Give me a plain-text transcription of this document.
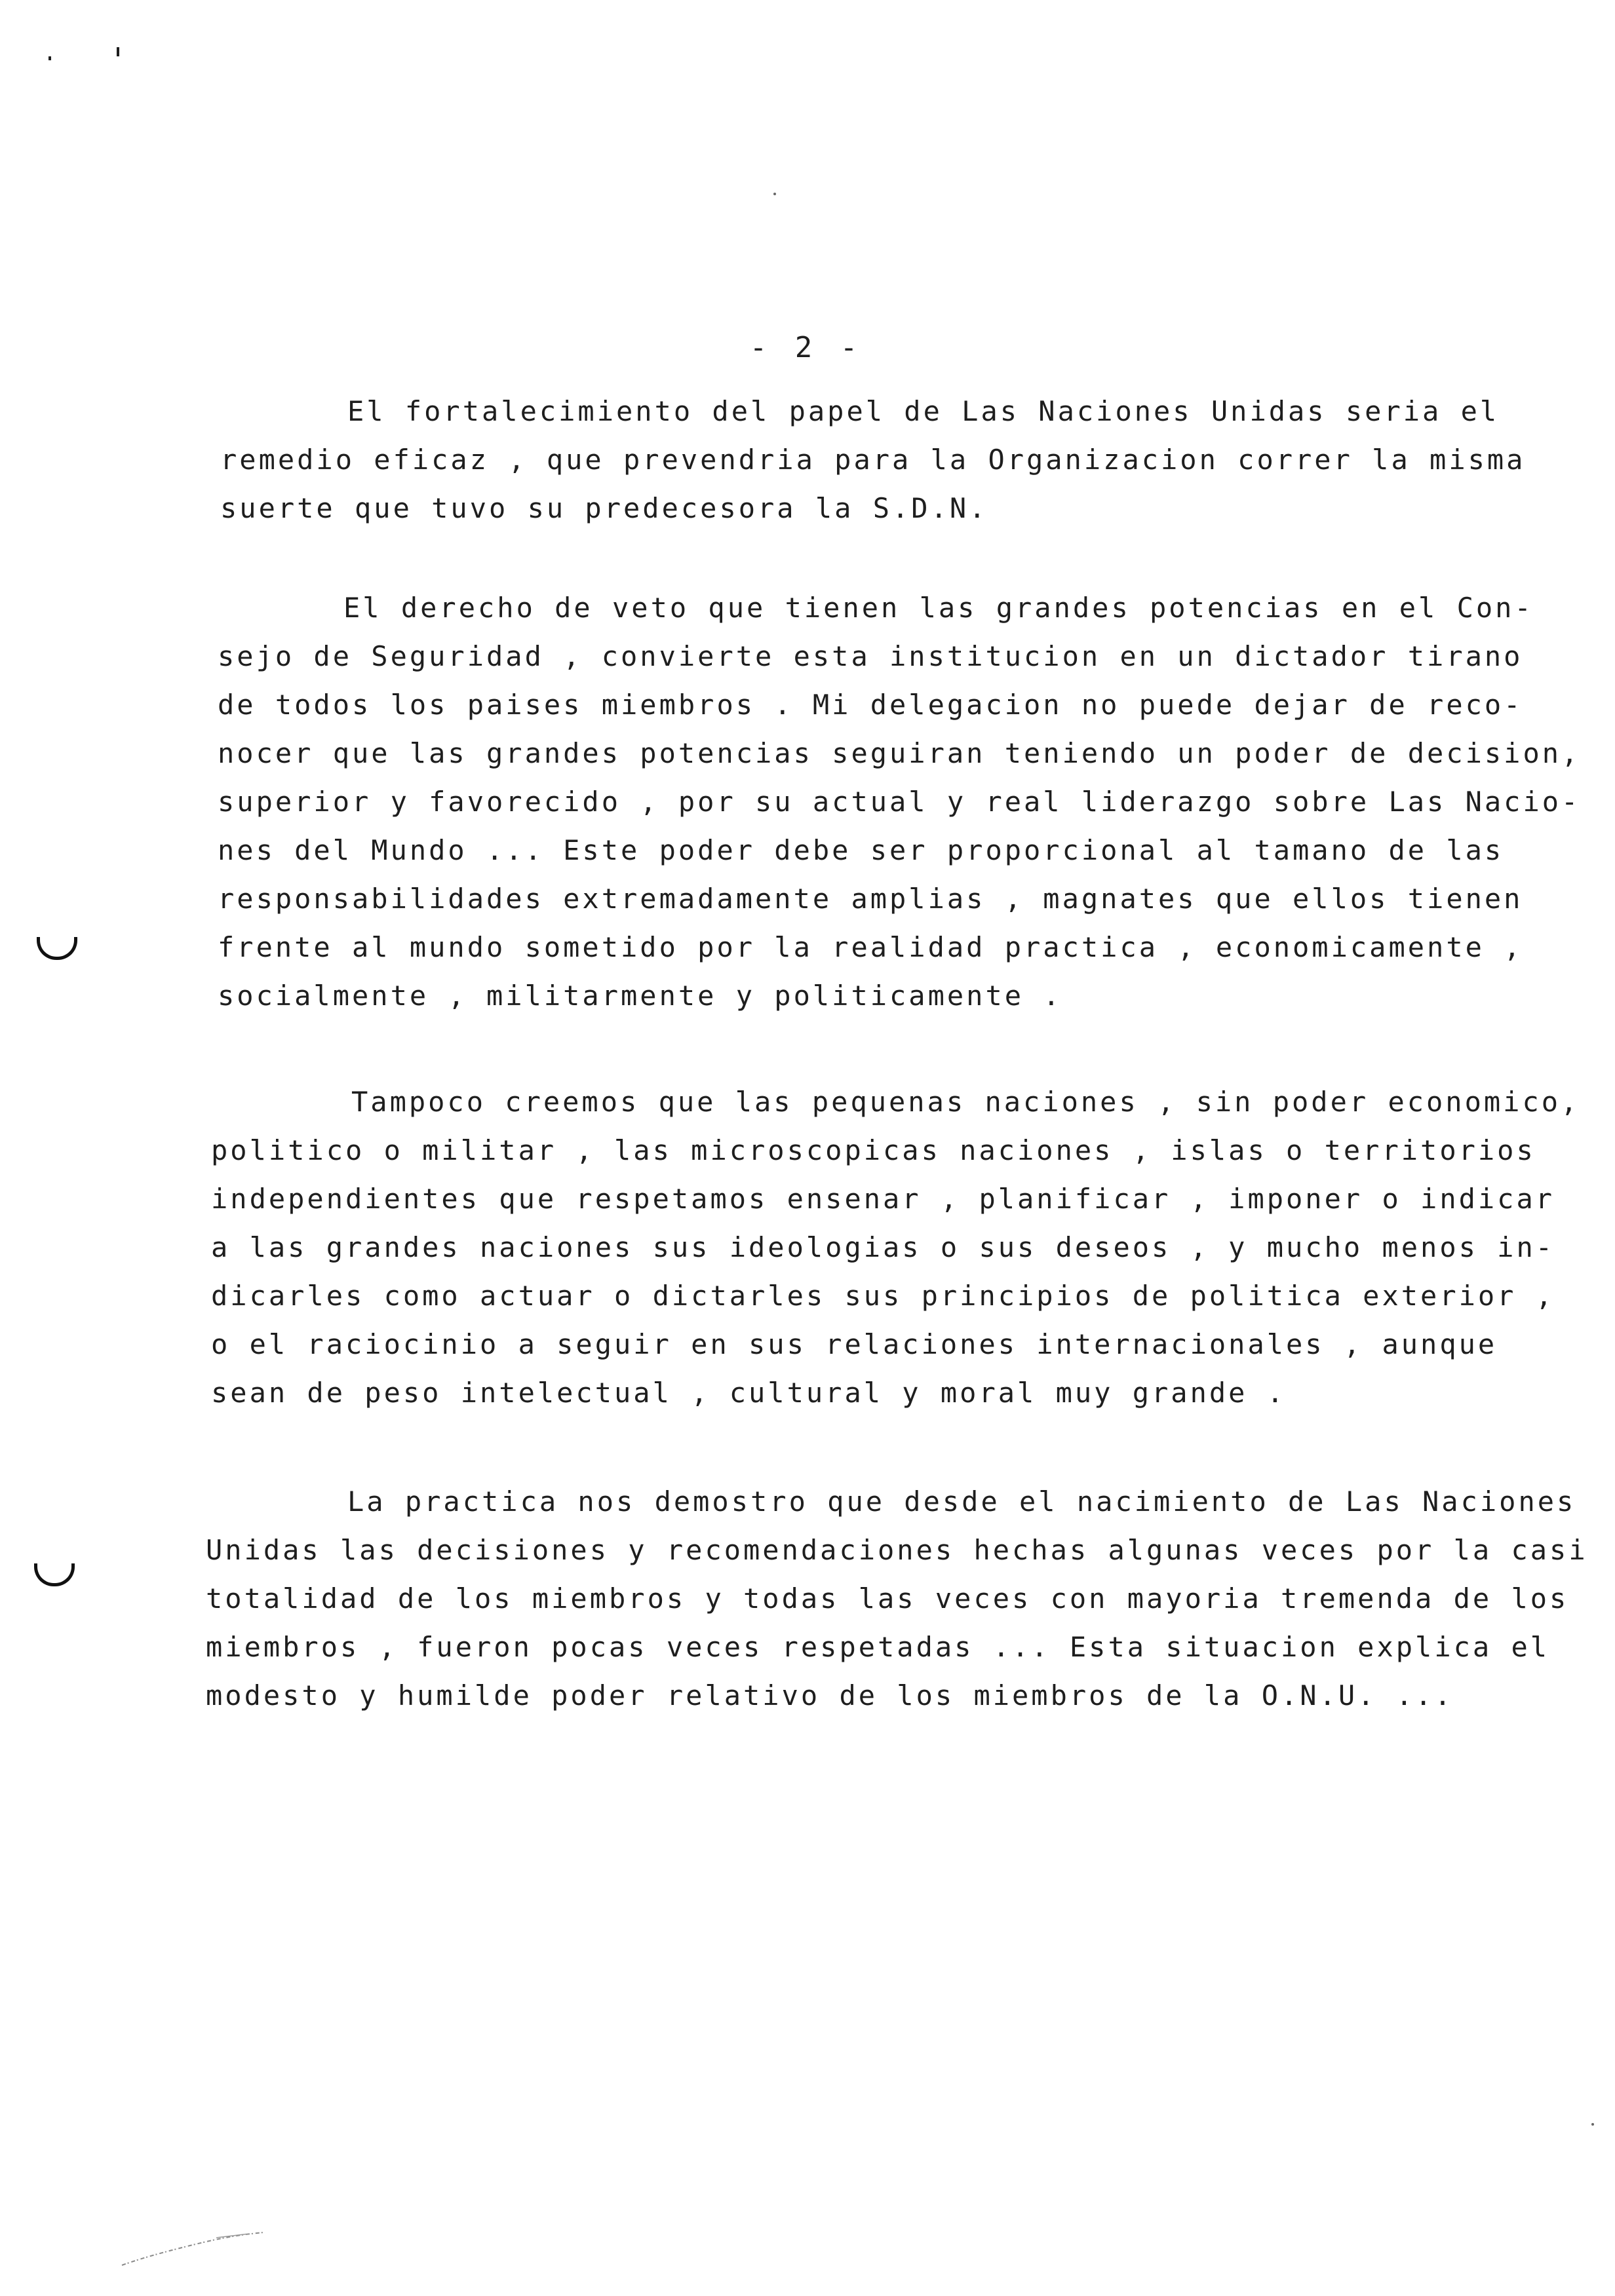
- 2 -
El fortalecimiento del papel de Las Naciones Unidas seria el
remedio eficaz , que prevendria para la Organizacion correr la misma
suerte que tuvo su predecesora la S.D.N.
El derecho de veto que tienen las grandes potencias en el Con-
sejo de Seguridad , convierte esta institucion en un dictador tirano
de todos los paises miembros . Mi delegacion no puede dejar de reco-
nocer que las grandes potencias seguiran teniendo un poder de decision,
superior y favorecido , por su actual y real liderazgo sobre Las Nacio-
nes del Mundo ... Este poder debe ser proporcional al tamano de las
responsabilidades extremadamente amplias , magnates que ellos tienen
frente al mundo sometido por la realidad practica , economicamente ,
socialmente , militarmente y politicamente .
Tampoco creemos que las pequenas naciones , sin poder economico,
politico o militar , las microscopicas naciones , islas o territorios
independientes que respetamos ensenar , planificar , imponer o indicar
a las grandes naciones sus ideologias o sus deseos , y mucho menos in-
dicarles como actuar o dictarles sus principios de politica exterior ,
o el raciocinio a seguir en sus relaciones internacionales , aunque
sean de peso intelectual , cultural y moral muy grande .
La practica nos demostro que desde el nacimiento de Las Naciones
Unidas las decisiones y recomendaciones hechas algunas veces por la casi
totalidad de los miembros y todas las veces con mayoria tremenda de los
miembros , fueron pocas veces respetadas ... Esta situacion explica el
modesto y humilde poder relativo de los miembros de la O.N.U. ...
